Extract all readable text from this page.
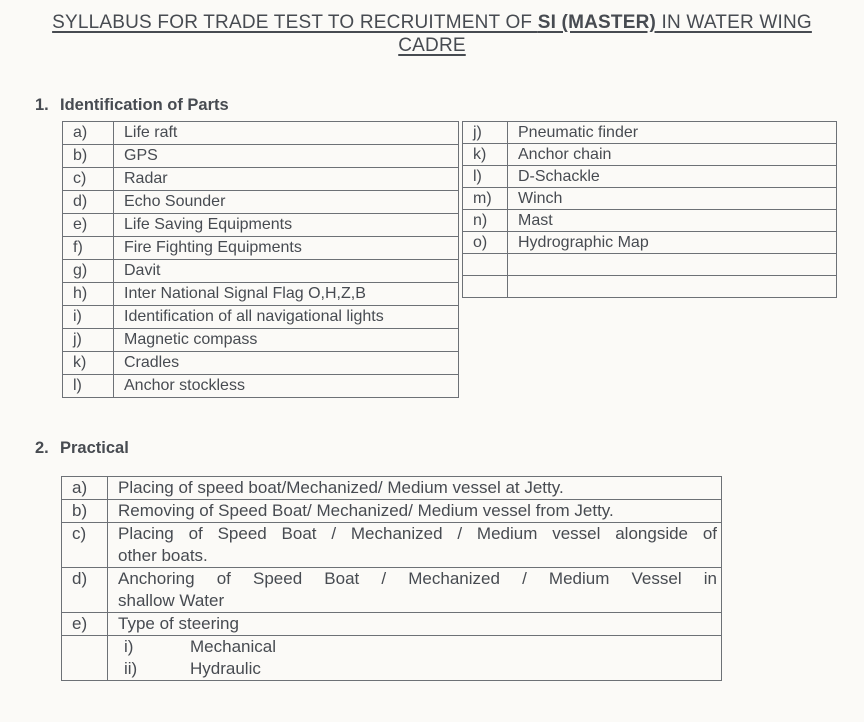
SYLLABUS FOR TRADE TEST TO RECRUITMENT OF SI (MASTER) IN WATER WING
CADRE
1. Identification of Parts
a)	Life raft
b)	GPS
c)	Radar
d)	Echo Sounder
e)	Life Saving Equipments
f)	Fire Fighting Equipments
g)	Davit
h)	Inter National Signal Flag O,H,Z,B
i)	Identification of all navigational lights
j)	Magnetic compass
k)	Cradles
l)	Anchor stockless
j)	Pneumatic finder
k)	Anchor chain
l)	D-Schackle
m)	Winch
n)	Mast
o)	Hydrographic Map

2. Practical
a)	Placing of speed boat/Mechanized/ Medium vessel at Jetty.

b)	Removing of Speed Boat/ Mechanized/ Medium vessel from Jetty.

c)	Placing of Speed Boat / Mechanized / Medium vessel alongside of
other boats.

d)	Anchoring of Speed Boat / Mechanized / Medium Vessel in
shallow Water

e)	Type of steering

	i) Mechanical
ii) Hydraulic
